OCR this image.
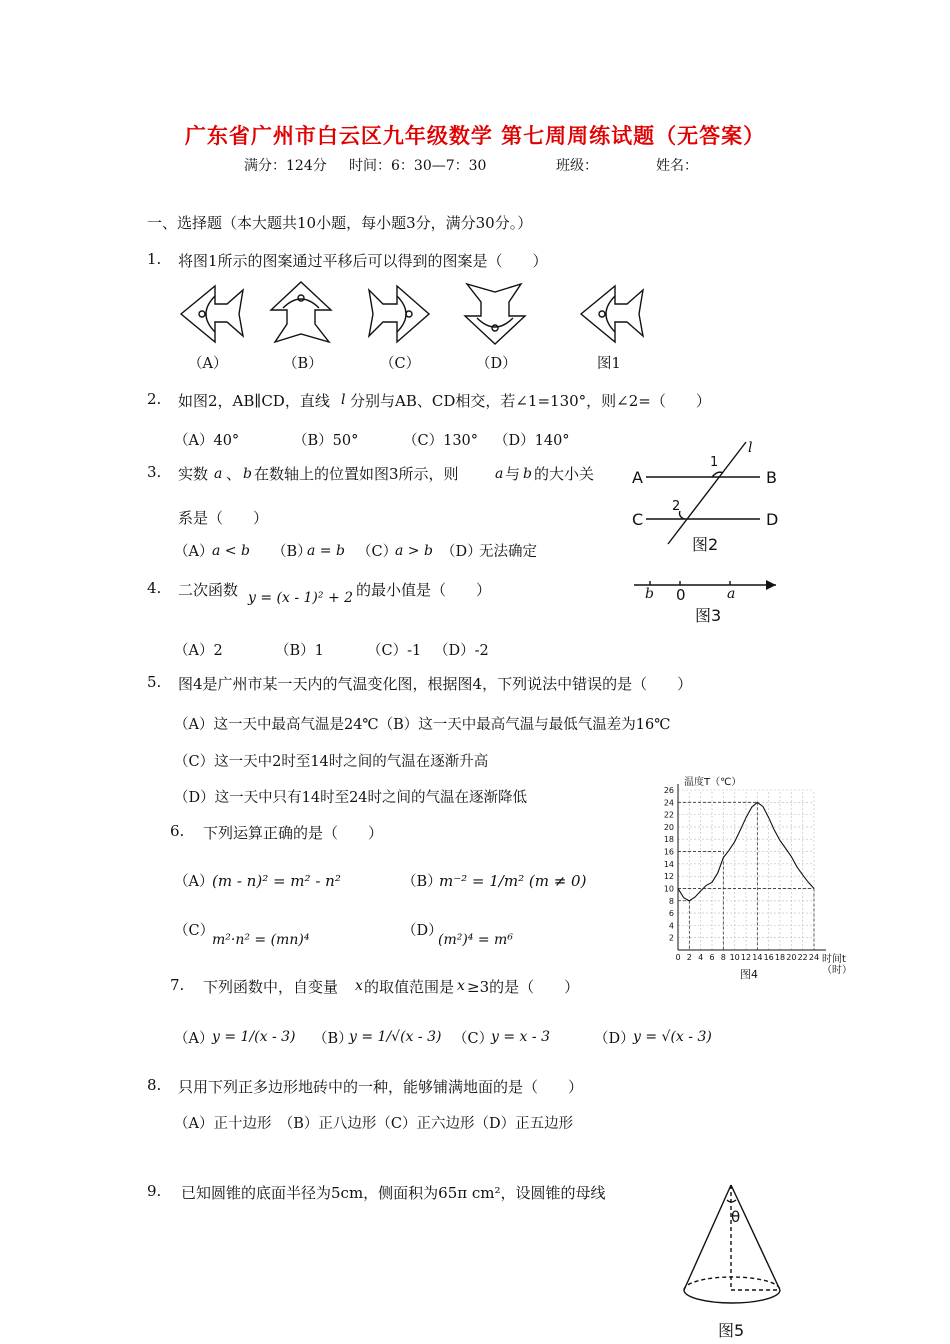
广东省广州市白云区九年级数学 第七周周练试题（无答案）
满分：124分 时间：6：30—7：30	班级：	姓名：
一、选择题（本大题共10小题，每小题3分，满分30分。）
1. 将图1所示的图案通过平移后可以得到的图案是（　　）
（A）	（B）	（C）	（D）	图1
2. 如图2，AB∥CD，直线 l 分别与AB、CD相交，若∠1=130°，则∠2=（　　）
（A）40°	（B）50°	（C）130° （D）140°
A	B
C	D
1
2
l
图2
3. 实数 a 、 b 在数轴上的位置如图3所示，则	a 与 b 的大小关
系是（　　）
（A）
a < b （B）
a = b （C）
a > b （D）
无法确定
b 0	a
图3
4. 二次函数 y = (x - 1)² + 2 的最小值是（　　）
（A）2	（B）1	（C）-1 （D）-2
5. 图4是广州市某一天内的气温变化图，根据图4，下列说法中错误的是（　　）
（A）这一天中最高气温是24℃（B）这一天中最高气温与最低气温差为16℃
（C）这一天中2时至14时之间的气温在逐渐升高
（D）这一天中只有14时至24时之间的气温在逐渐降低
2
4
6
8
10
12
14
16
18
20
22
24
26
0 2 4 6 8 10 12 14 16 18 20 22 24
温度T（℃）
时间t（时）
图4
6. 下列运算正确的是（　　）
（A）
(m - n)² = m² - n²	（B）
m⁻² = 1/m² (m ≠ 0)
（C）
m²·n² = (mn)⁴
（D）
(m²)⁴ = m⁶
7. 下列函数中，自变量 x 的取值范围是 x ≥3的是（　　）
（A）
y = 1/(x - 3) （B）
y = 1/√(x - 3) （C）
y = x - 3	（D）
y = √(x - 3)
8. 只用下列正多边形地砖中的一种，能够铺满地面的是（　　）
（A）正十边形　（B）正八边形（C）正六边形（D）正五边形
9. 已知圆锥的底面半径为5cm，侧面积为65π cm²，设圆锥的母线
θ
图5
